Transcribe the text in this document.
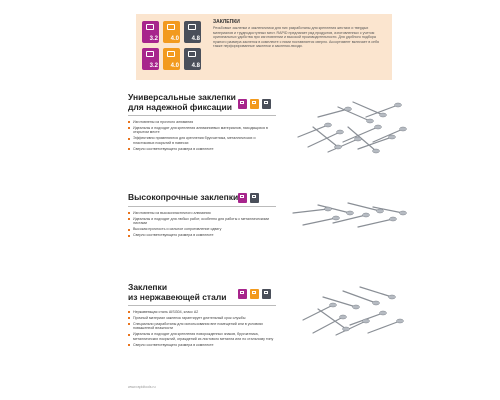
3.2 4.0 4.8
3.2 4.0 4.8
ЗАКЛЕПКИ
Резьбовые заклепки и заклепочники для них разработаны для крепления жестких и твердых материалов и труднодоступных мест. RAPID предлагает ряд продуктов, изготовленных с учетом оригинальных удобства при изготовлении и высокой производительности. Для удобного подбора нужного размера заклепок в комплекте с ними поставляется сверло. Ассортимент включает в себя также перфорированные заклепки и заклепки-гвозди.
Универсальные заклепки
для надежной фиксации
Изготовлены из прочного алюминия
Идеальны и подходят для крепления алюминиевых материалов, находящихся в открытом месте
Эффективно применяются для крепления брусчатника, металлических и пластиковых покрытий в навесах
Сверло соответствующего размера в комплекте
Высокопрочные заклепки
Изготовлены из высокоэластичного алюминия
Идеальны и подходят для любых работ, особенно для работы с металлическими листами
Высокая прочность и сильное сопротивление сдвигу
Сверло соответствующего размера в комплекте
Заклепки
из нержавеющей стали
Нержавеющая сталь AISI304, класс А2
Прочный материал заклепок гарантирует длительный срок службы
Специально разработаны для использования вне помещений или в условиях повышенной влажности
Идеальны и подходят для крепления новорожденных знаков, брусчатника, металлических покрытий, ограждений из листового металла или по стальному типу
Сверло соответствующего размера в комплекте
www.rapidtools.ru
